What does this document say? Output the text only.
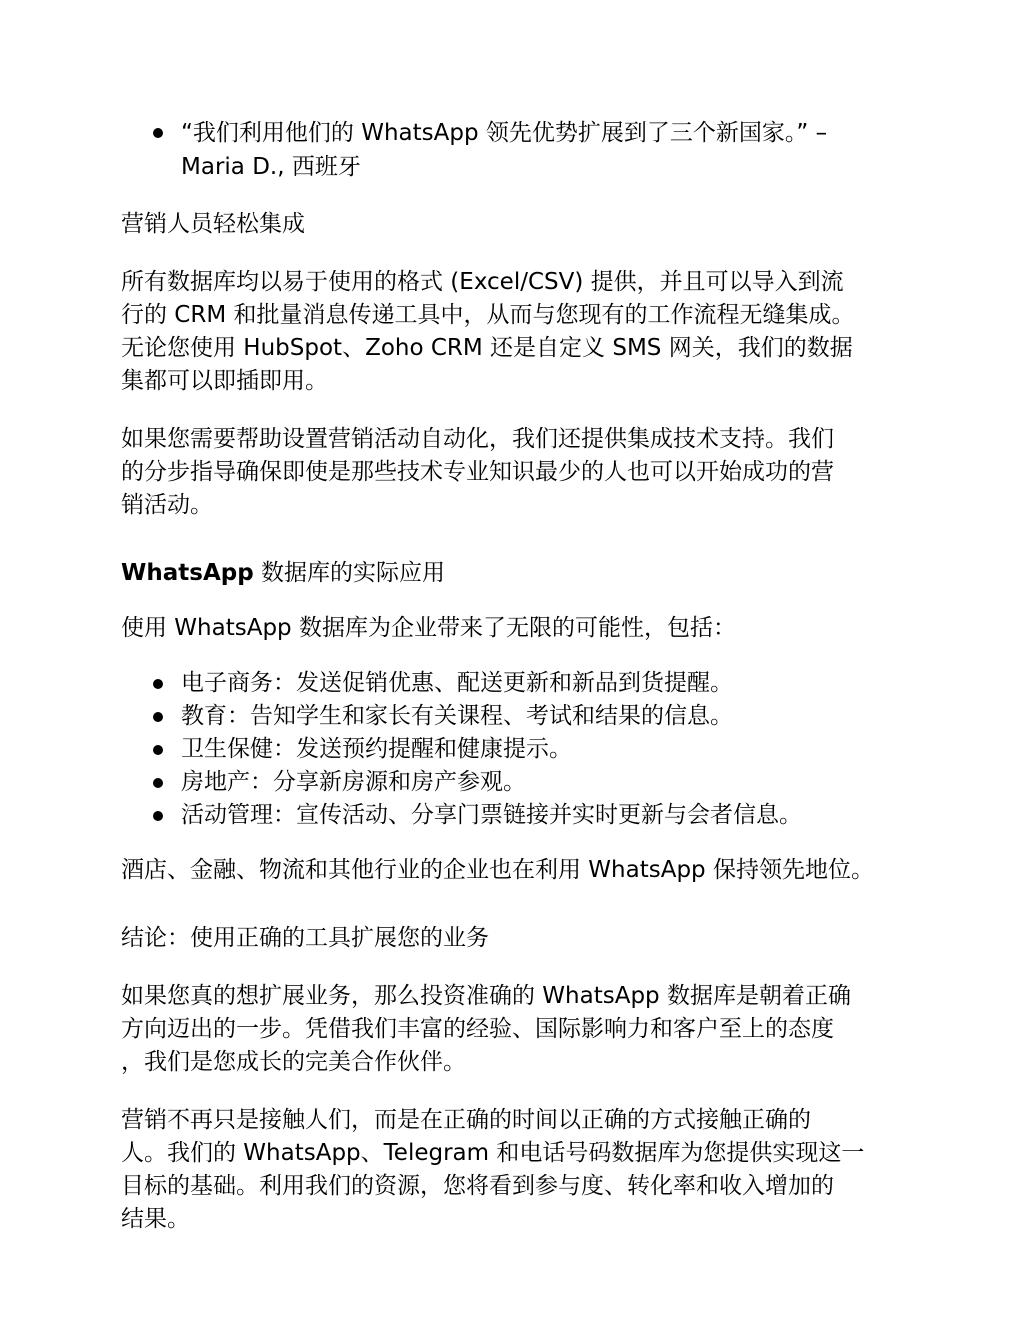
“我们利用他们的 WhatsApp 领先优势扩展到了三个新国家。” –
Maria D., 西班牙

营销人员轻松集成

所有数据库均以易于使用的格式 (Excel/CSV) 提供，并且可以导入到流
行的 CRM 和批量消息传递工具中，从而与您现有的工作流程无缝集成。
无论您使用 HubSpot、Zoho CRM 还是自定义 SMS 网关，我们的数据
集都可以即插即用。

如果您需要帮助设置营销活动自动化，我们还提供集成技术支持。我们
的分步指导确保即使是那些技术专业知识最少的人也可以开始成功的营
销活动。

WhatsApp 数据库的实际应用

使用 WhatsApp 数据库为企业带来了无限的可能性，包括：

电子商务：发送促销优惠、配送更新和新品到货提醒。
教育：告知学生和家长有关课程、考试和结果的信息。
卫生保健：发送预约提醒和健康提示。
房地产：分享新房源和房产参观。
活动管理：宣传活动、分享门票链接并实时更新与会者信息。

酒店、金融、物流和其他行业的企业也在利用 WhatsApp 保持领先地位。

结论：使用正确的工具扩展您的业务

如果您真的想扩展业务，那么投资准确的 WhatsApp 数据库是朝着正确
方向迈出的一步。凭借我们丰富的经验、国际影响力和客户至上的态度
，我们是您成长的完美合作伙伴。

营销不再只是接触人们，而是在正确的时间以正确的方式接触正确的
人。我们的 WhatsApp、Telegram 和电话号码数据库为您提供实现这一
目标的基础。利用我们的资源，您将看到参与度、转化率和收入增加的
结果。
